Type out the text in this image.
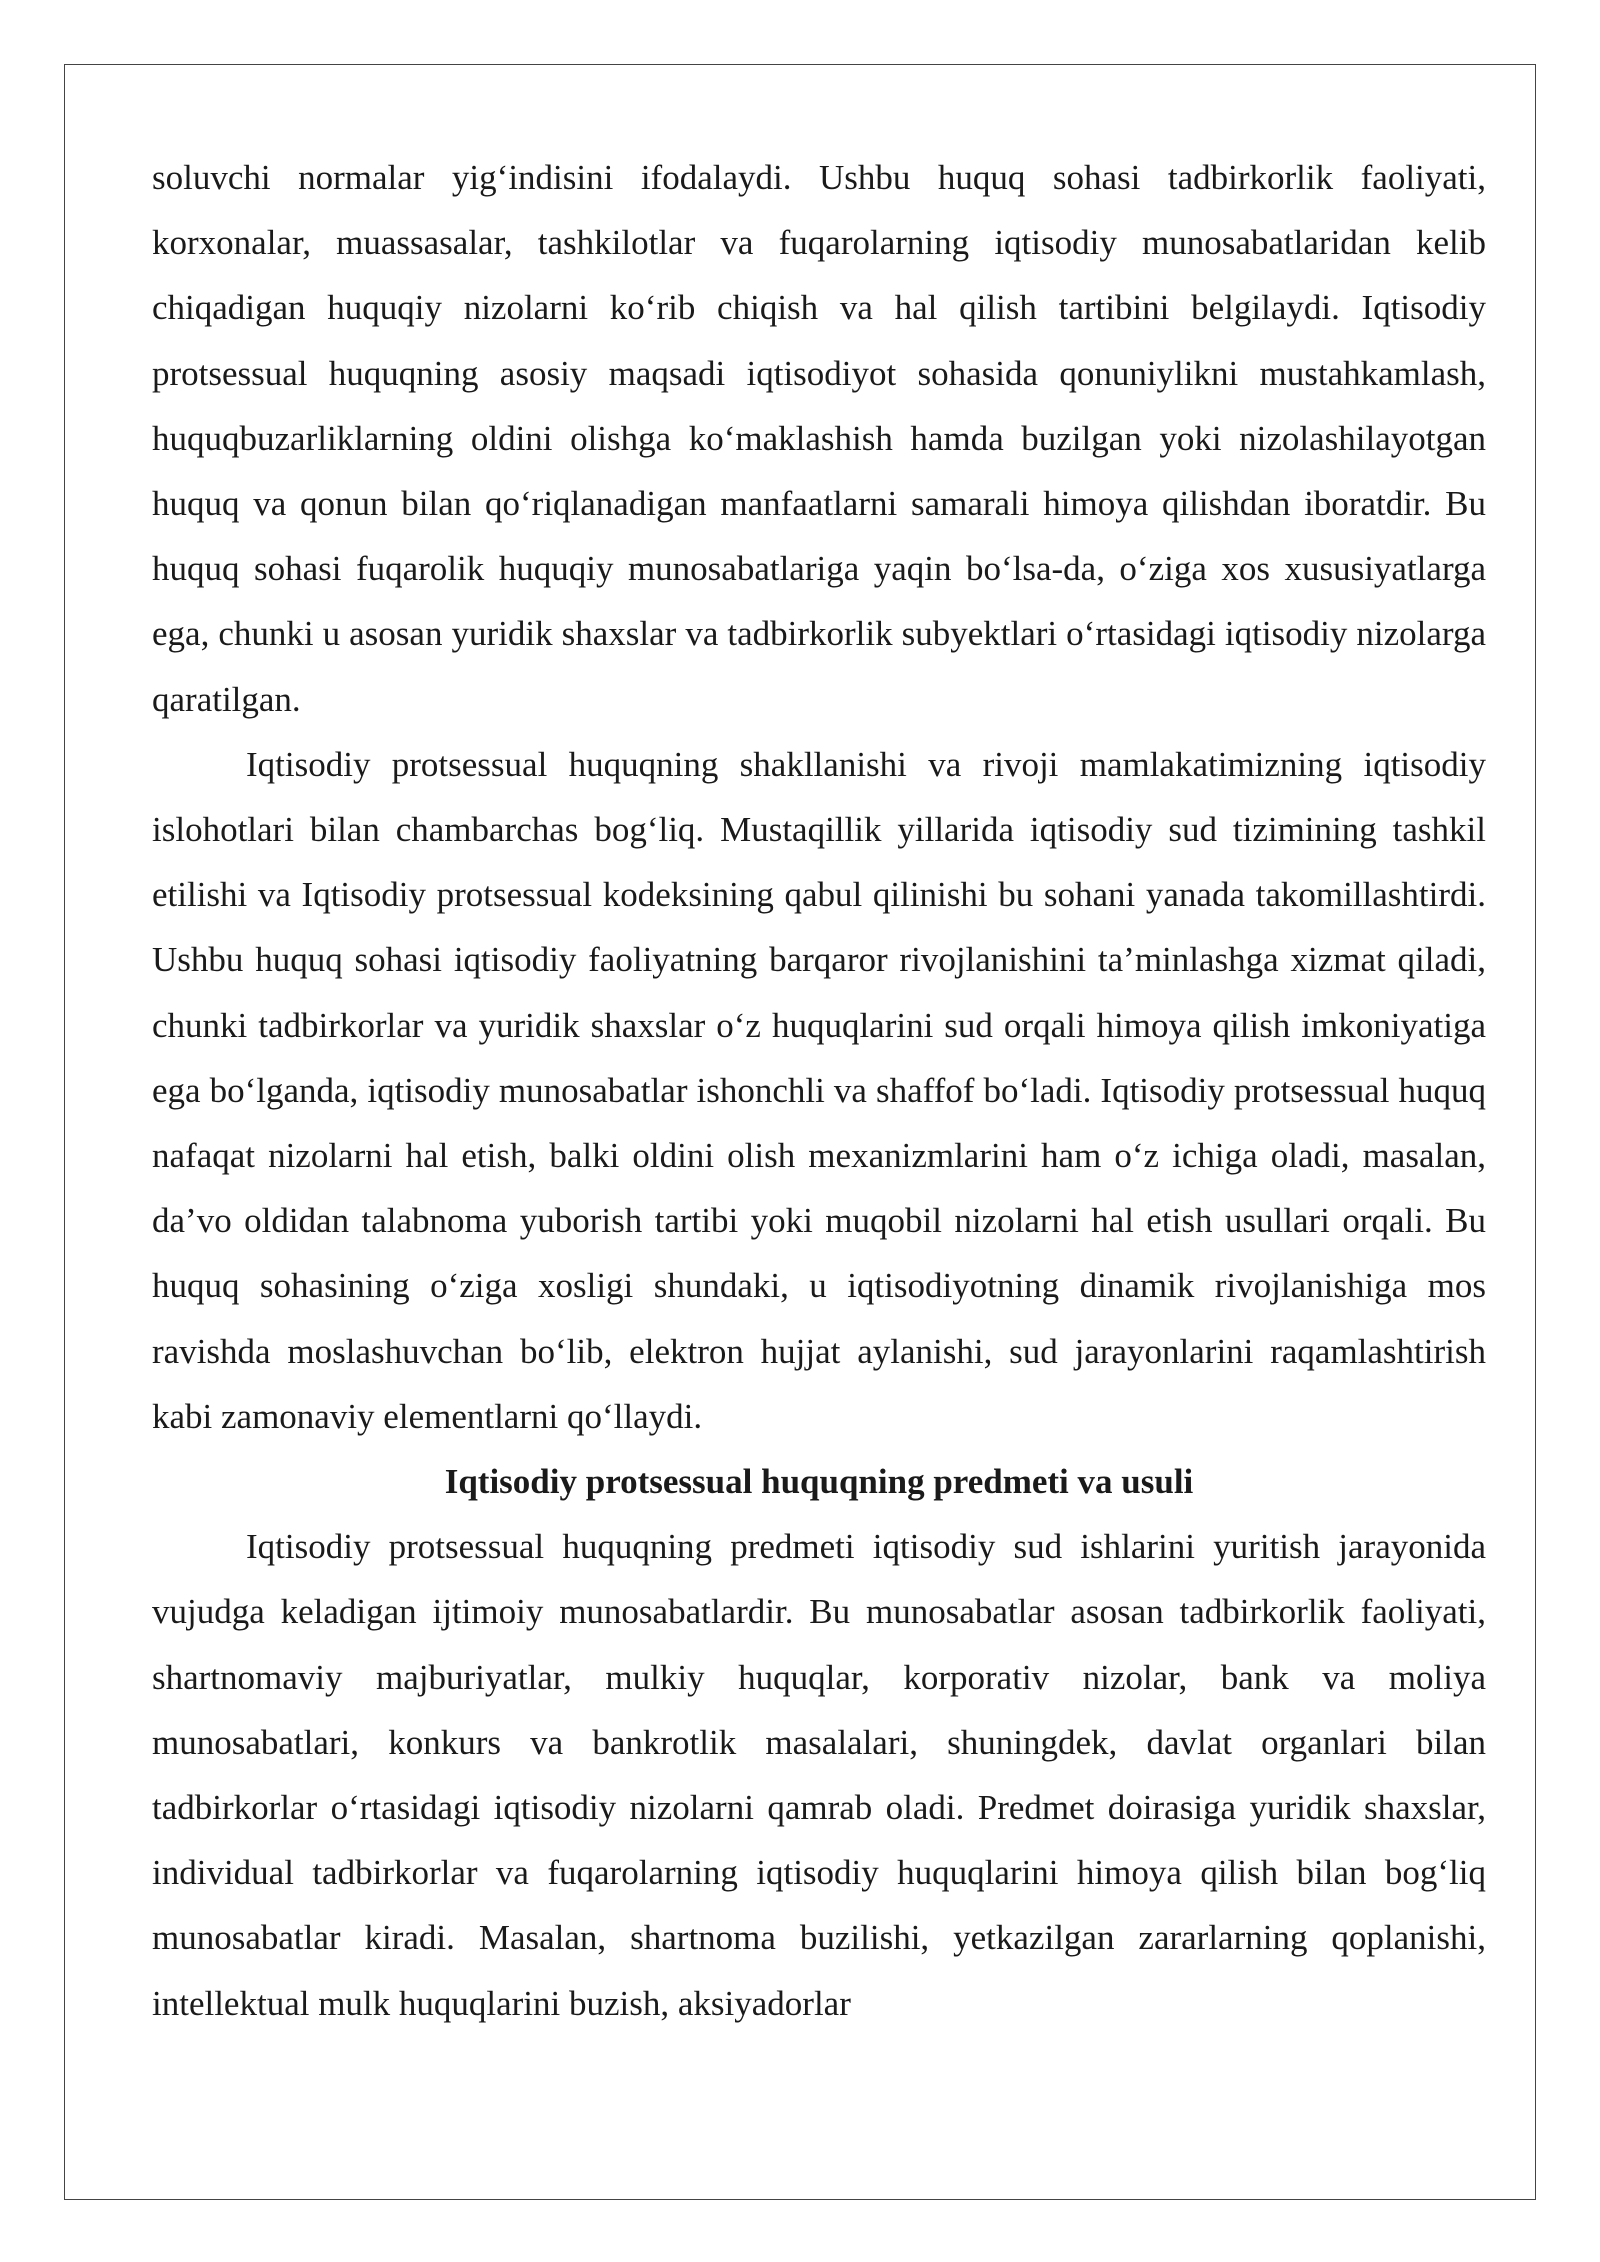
soluvchi normalar yig‘indisini ifodalaydi. Ushbu huquq sohasi tadbirkorlik faoliyati, korxonalar, muassasalar, tashkilotlar va fuqarolarning iqtisodiy munosabatlaridan kelib chiqadigan huquqiy nizolarni ko‘rib chiqish va hal qilish tartibini belgilaydi. Iqtisodiy protsessual huquqning asosiy maqsadi iqtisodiyot sohasida qonuniylikni mustahkamlash, huquqbuzarliklarning oldini olishga ko‘maklashish hamda buzilgan yoki nizolashilayotgan huquq va qonun bilan qo‘riqlanadigan manfaatlarni samarali himoya qilishdan iboratdir. Bu huquq sohasi fuqarolik huquqiy munosabatlariga yaqin bo‘lsa-da, o‘ziga xos xususiyatlarga ega, chunki u asosan yuridik shaxslar va tadbirkorlik subyektlari o‘rtasidagi iqtisodiy nizolarga qaratilgan.

Iqtisodiy protsessual huquqning shakllanishi va rivoji mamlakatimizning iqtisodiy islohotlari bilan chambarchas bog‘liq. Mustaqillik yillarida iqtisodiy sud tizimining tashkil etilishi va Iqtisodiy protsessual kodeksining qabul qilinishi bu sohani yanada takomillashtirdi. Ushbu huquq sohasi iqtisodiy faoliyatning barqaror rivojlanishini ta’minlashga xizmat qiladi, chunki tadbirkorlar va yuridik shaxslar o‘z huquqlarini sud orqali himoya qilish imkoniyatiga ega bo‘lganda, iqtisodiy munosabatlar ishonchli va shaffof bo‘ladi. Iqtisodiy protsessual huquq nafaqat nizolarni hal etish, balki oldini olish mexanizmlarini ham o‘z ichiga oladi, masalan, da’vo oldidan talabnoma yuborish tartibi yoki muqobil nizolarni hal etish usullari orqali. Bu huquq sohasining o‘ziga xosligi shundaki, u iqtisodiyotning dinamik rivojlanishiga mos ravishda moslashuvchan bo‘lib, elektron hujjat aylanishi, sud jarayonlarini raqamlashtirish kabi zamonaviy elementlarni qo‘llaydi.

Iqtisodiy protsessual huquqning predmeti va usuli

Iqtisodiy protsessual huquqning predmeti iqtisodiy sud ishlarini yuritish jarayonida vujudga keladigan ijtimoiy munosabatlardir. Bu munosabatlar asosan tadbirkorlik faoliyati, shartnomaviy majburiyatlar, mulkiy huquqlar, korporativ nizolar, bank va moliya munosabatlari, konkurs va bankrotlik masalalari, shuningdek, davlat organlari bilan tadbirkorlar o‘rtasidagi iqtisodiy nizolarni qamrab oladi. Predmet doirasiga yuridik shaxslar, individual tadbirkorlar va fuqarolarning iqtisodiy huquqlarini himoya qilish bilan bog‘liq munosabatlar kiradi. Masalan, shartnoma buzilishi, yetkazilgan zararlarning qoplanishi, intellektual mulk huquqlarini buzish, aksiyadorlar
